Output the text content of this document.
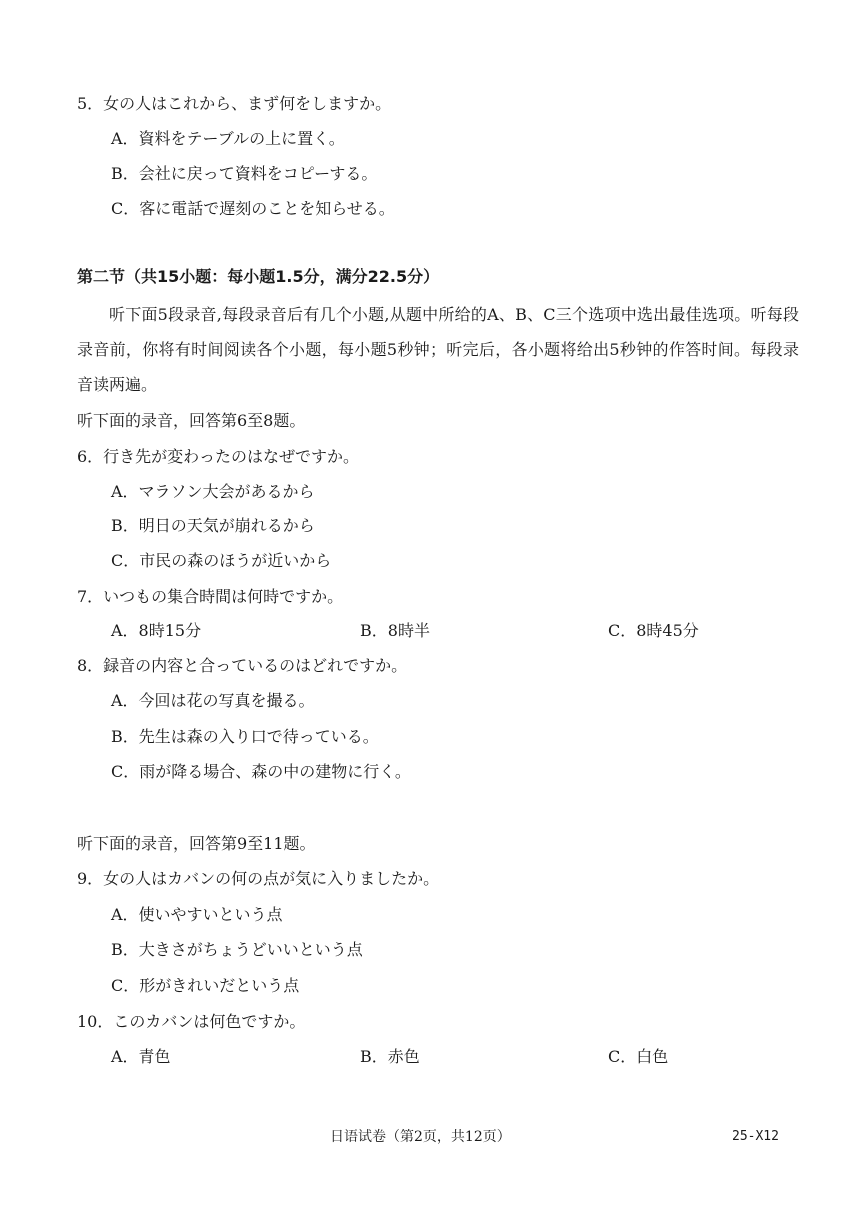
5．女の人はこれから、まず何をしますか。
A．資料をテーブルの上に置く。
B．会社に戻って資料をコピーする。
C．客に電話で遅刻のことを知らせる。
第二节（共15小题：每小题1.5分，满分22.5分）
听下面5段录音,每段录音后有几个小题,从题中所给的A、B、C三个选项中选出最佳选项。听每段录音前，你将有时间阅读各个小题，每小题5秒钟；听完后，各小题将给出5秒钟的作答时间。每段录音读两遍。
听下面的录音，回答第6至8题。
6．行き先が変わったのはなぜですか。
A．マラソン大会があるから
B．明日の天気が崩れるから
C．市民の森のほうが近いから
7．いつもの集合時間は何時ですか。
A．8時15分	B．8時半	C．8時45分
8．録音の内容と合っているのはどれですか。
A．今回は花の写真を撮る。
B．先生は森の入り口で待っている。
C．雨が降る場合、森の中の建物に行く。
听下面的录音，回答第9至11题。
9．女の人はカバンの何の点が気に入りましたか。
A．使いやすいという点
B．大きさがちょうどいいという点
C．形がきれいだという点
10．このカバンは何色ですか。
A．青色	B．赤色	C．白色
日语试卷（第2页，共12页）	25-X12
